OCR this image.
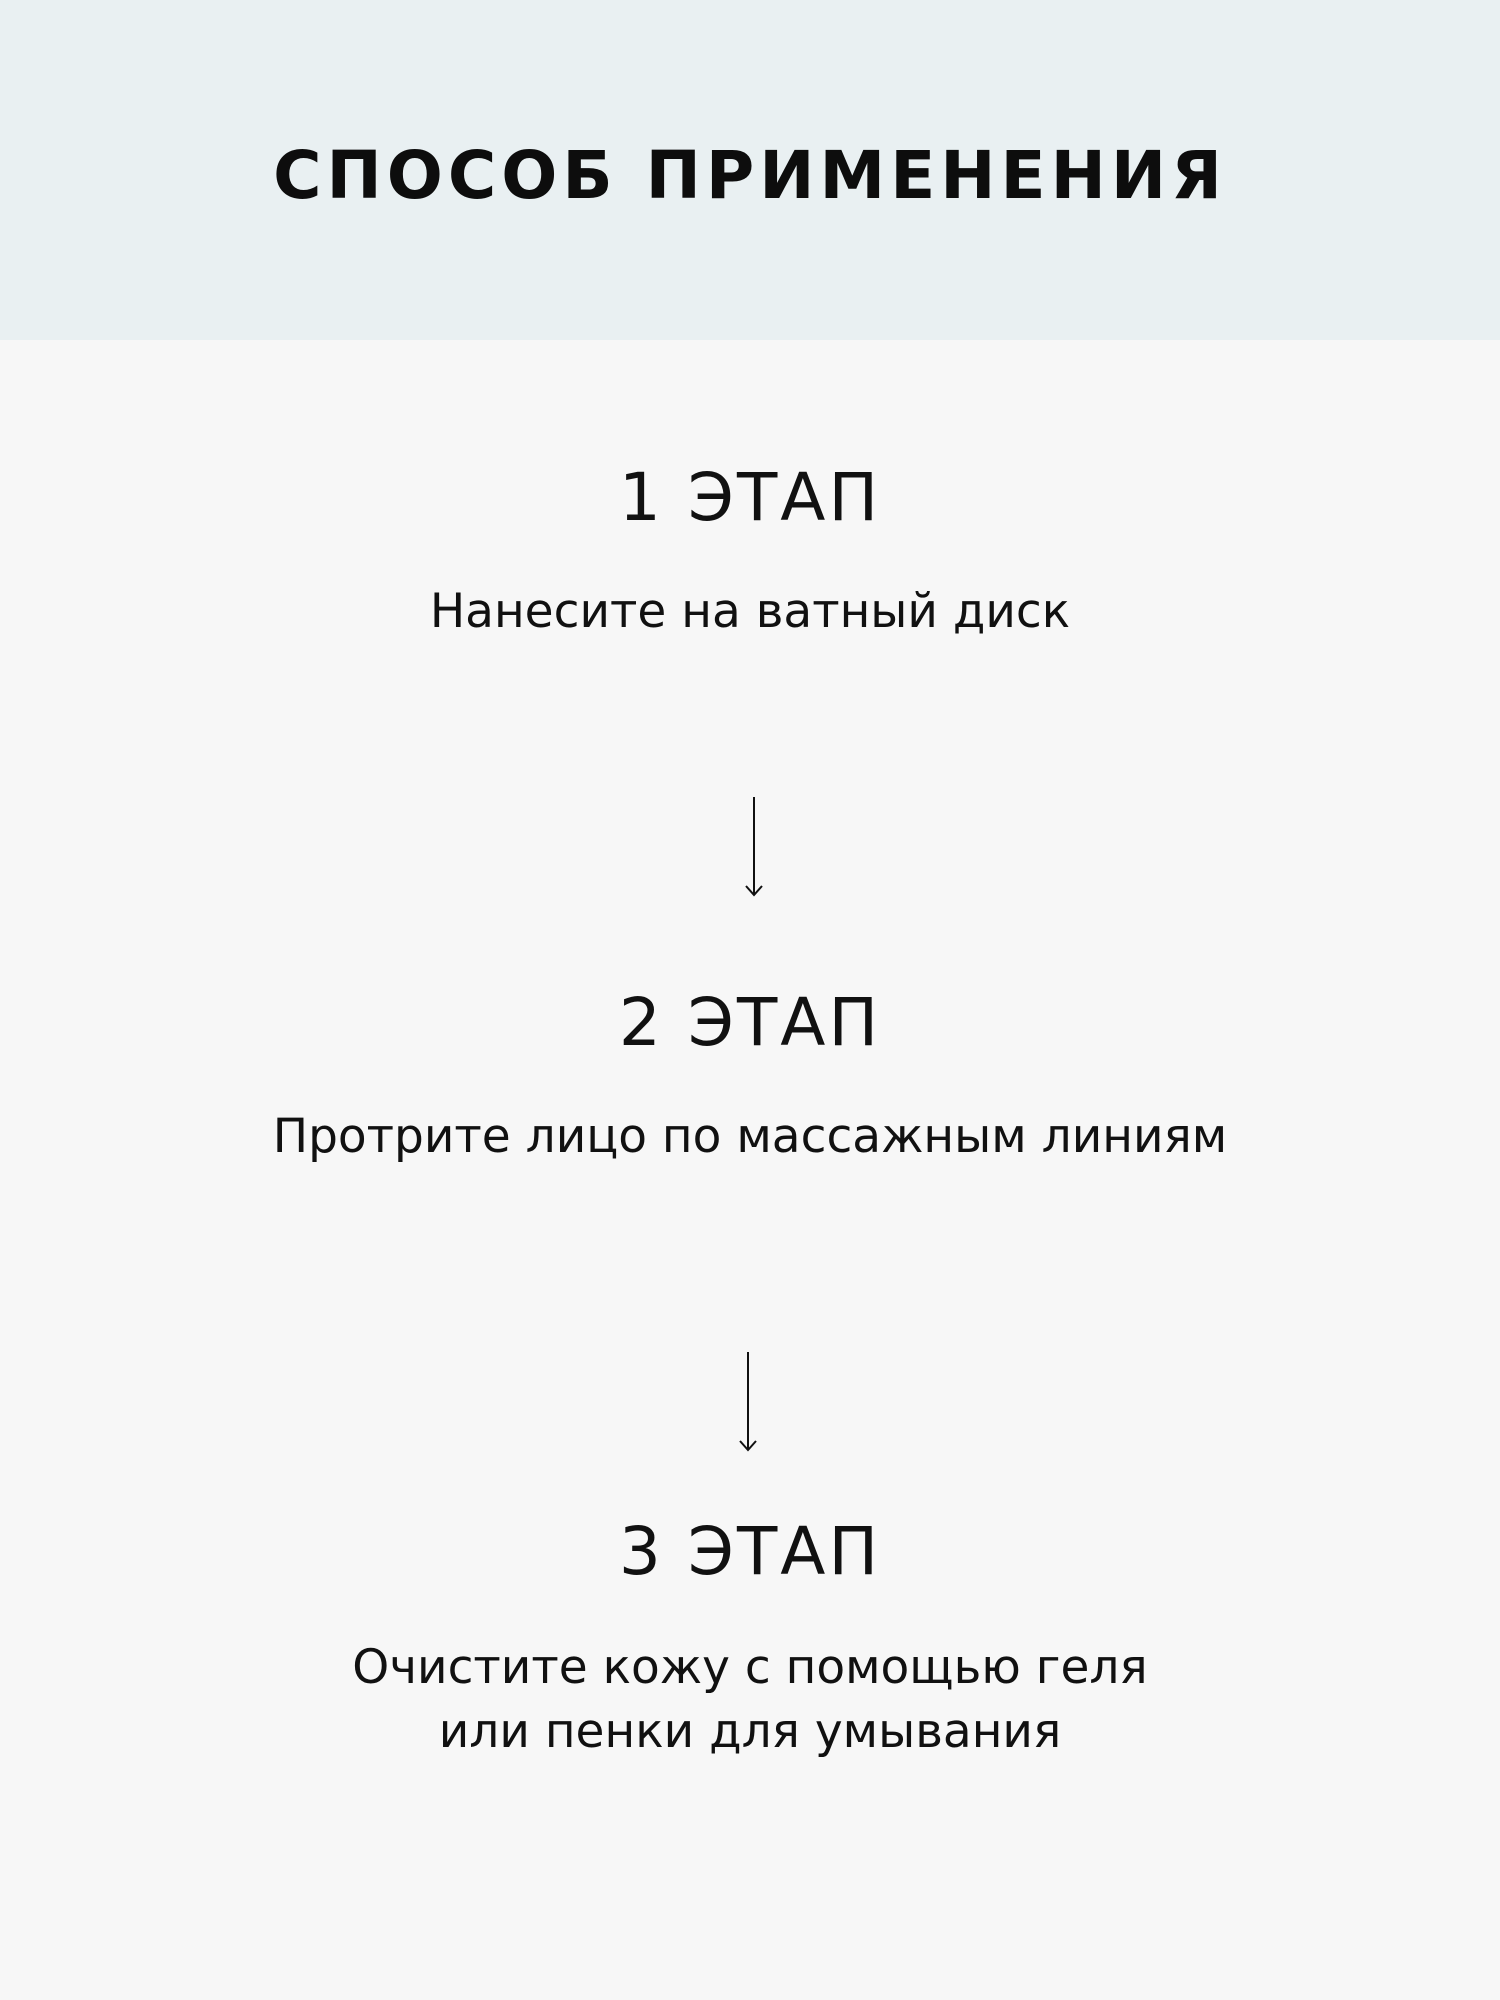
СПОСОБ ПРИМЕНЕНИЯ
1 ЭТАП
Нанесите на ватный диск
2 ЭТАП
Протрите лицо по массажным линиям
3 ЭТАП
Очистите кожу с помощью геля
или пенки для умывания
